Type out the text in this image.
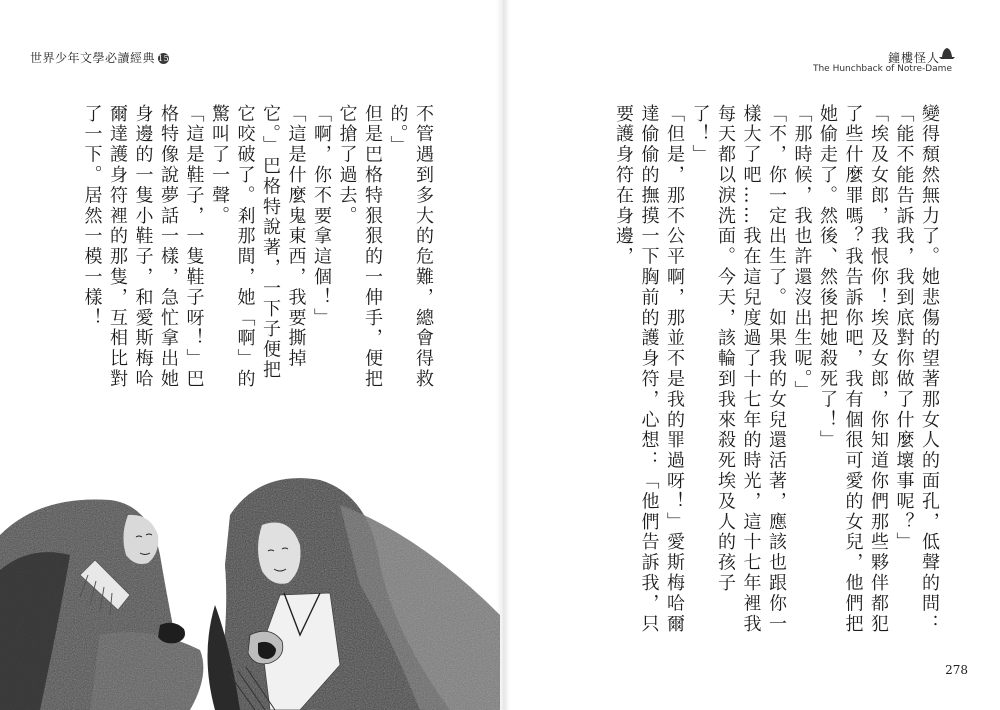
世界少年文學必讀經典 15	鐘樓怪人
The Hunchback of Notre-Dame

變得頹然無力了。她悲傷的望著那女人的面孔，低聲的問：「能不能告訴我，我到底對你做了什麼壞事呢？」

「埃及女郎，我恨你！埃及女郎，你知道你們那些夥伴都犯了些什麼罪嗎？我告訴你吧，我有個很可愛的女兒，他們把她偷走了。然後、然後把她殺死了！」

「那時候，我也許還沒出生呢。」

「不，你一定出生了。如果我的女兒還活著，應該也跟你一樣大了吧……我在這兒度過了十七年的時光，這十七年裡我每天都以淚洗面。今天，該輪到我來殺死埃及人的孩子了！」

「但是，那不公平啊，那並不是我的罪過呀！」愛斯梅哈爾達偷偷的撫摸一下胸前的護身符，心想：「他們告訴我，只要護身符在身邊，

不管遇到多大的危難，總會得救的。」

但是巴格特狠狠的一伸手，便把它搶了過去。

「啊，你不要拿這個！」

「這是什麼鬼東西，我要撕掉它。」巴格特說著，一下子便把它咬破了。剎那間，她「啊」的驚叫了一聲。

「這是鞋子，一隻鞋子呀！」巴格特像說夢話一樣，急忙拿出她身邊的一隻小鞋子，和愛斯梅哈爾達護身符裡的那隻，互相比對了一下。居然一模一樣！

278
